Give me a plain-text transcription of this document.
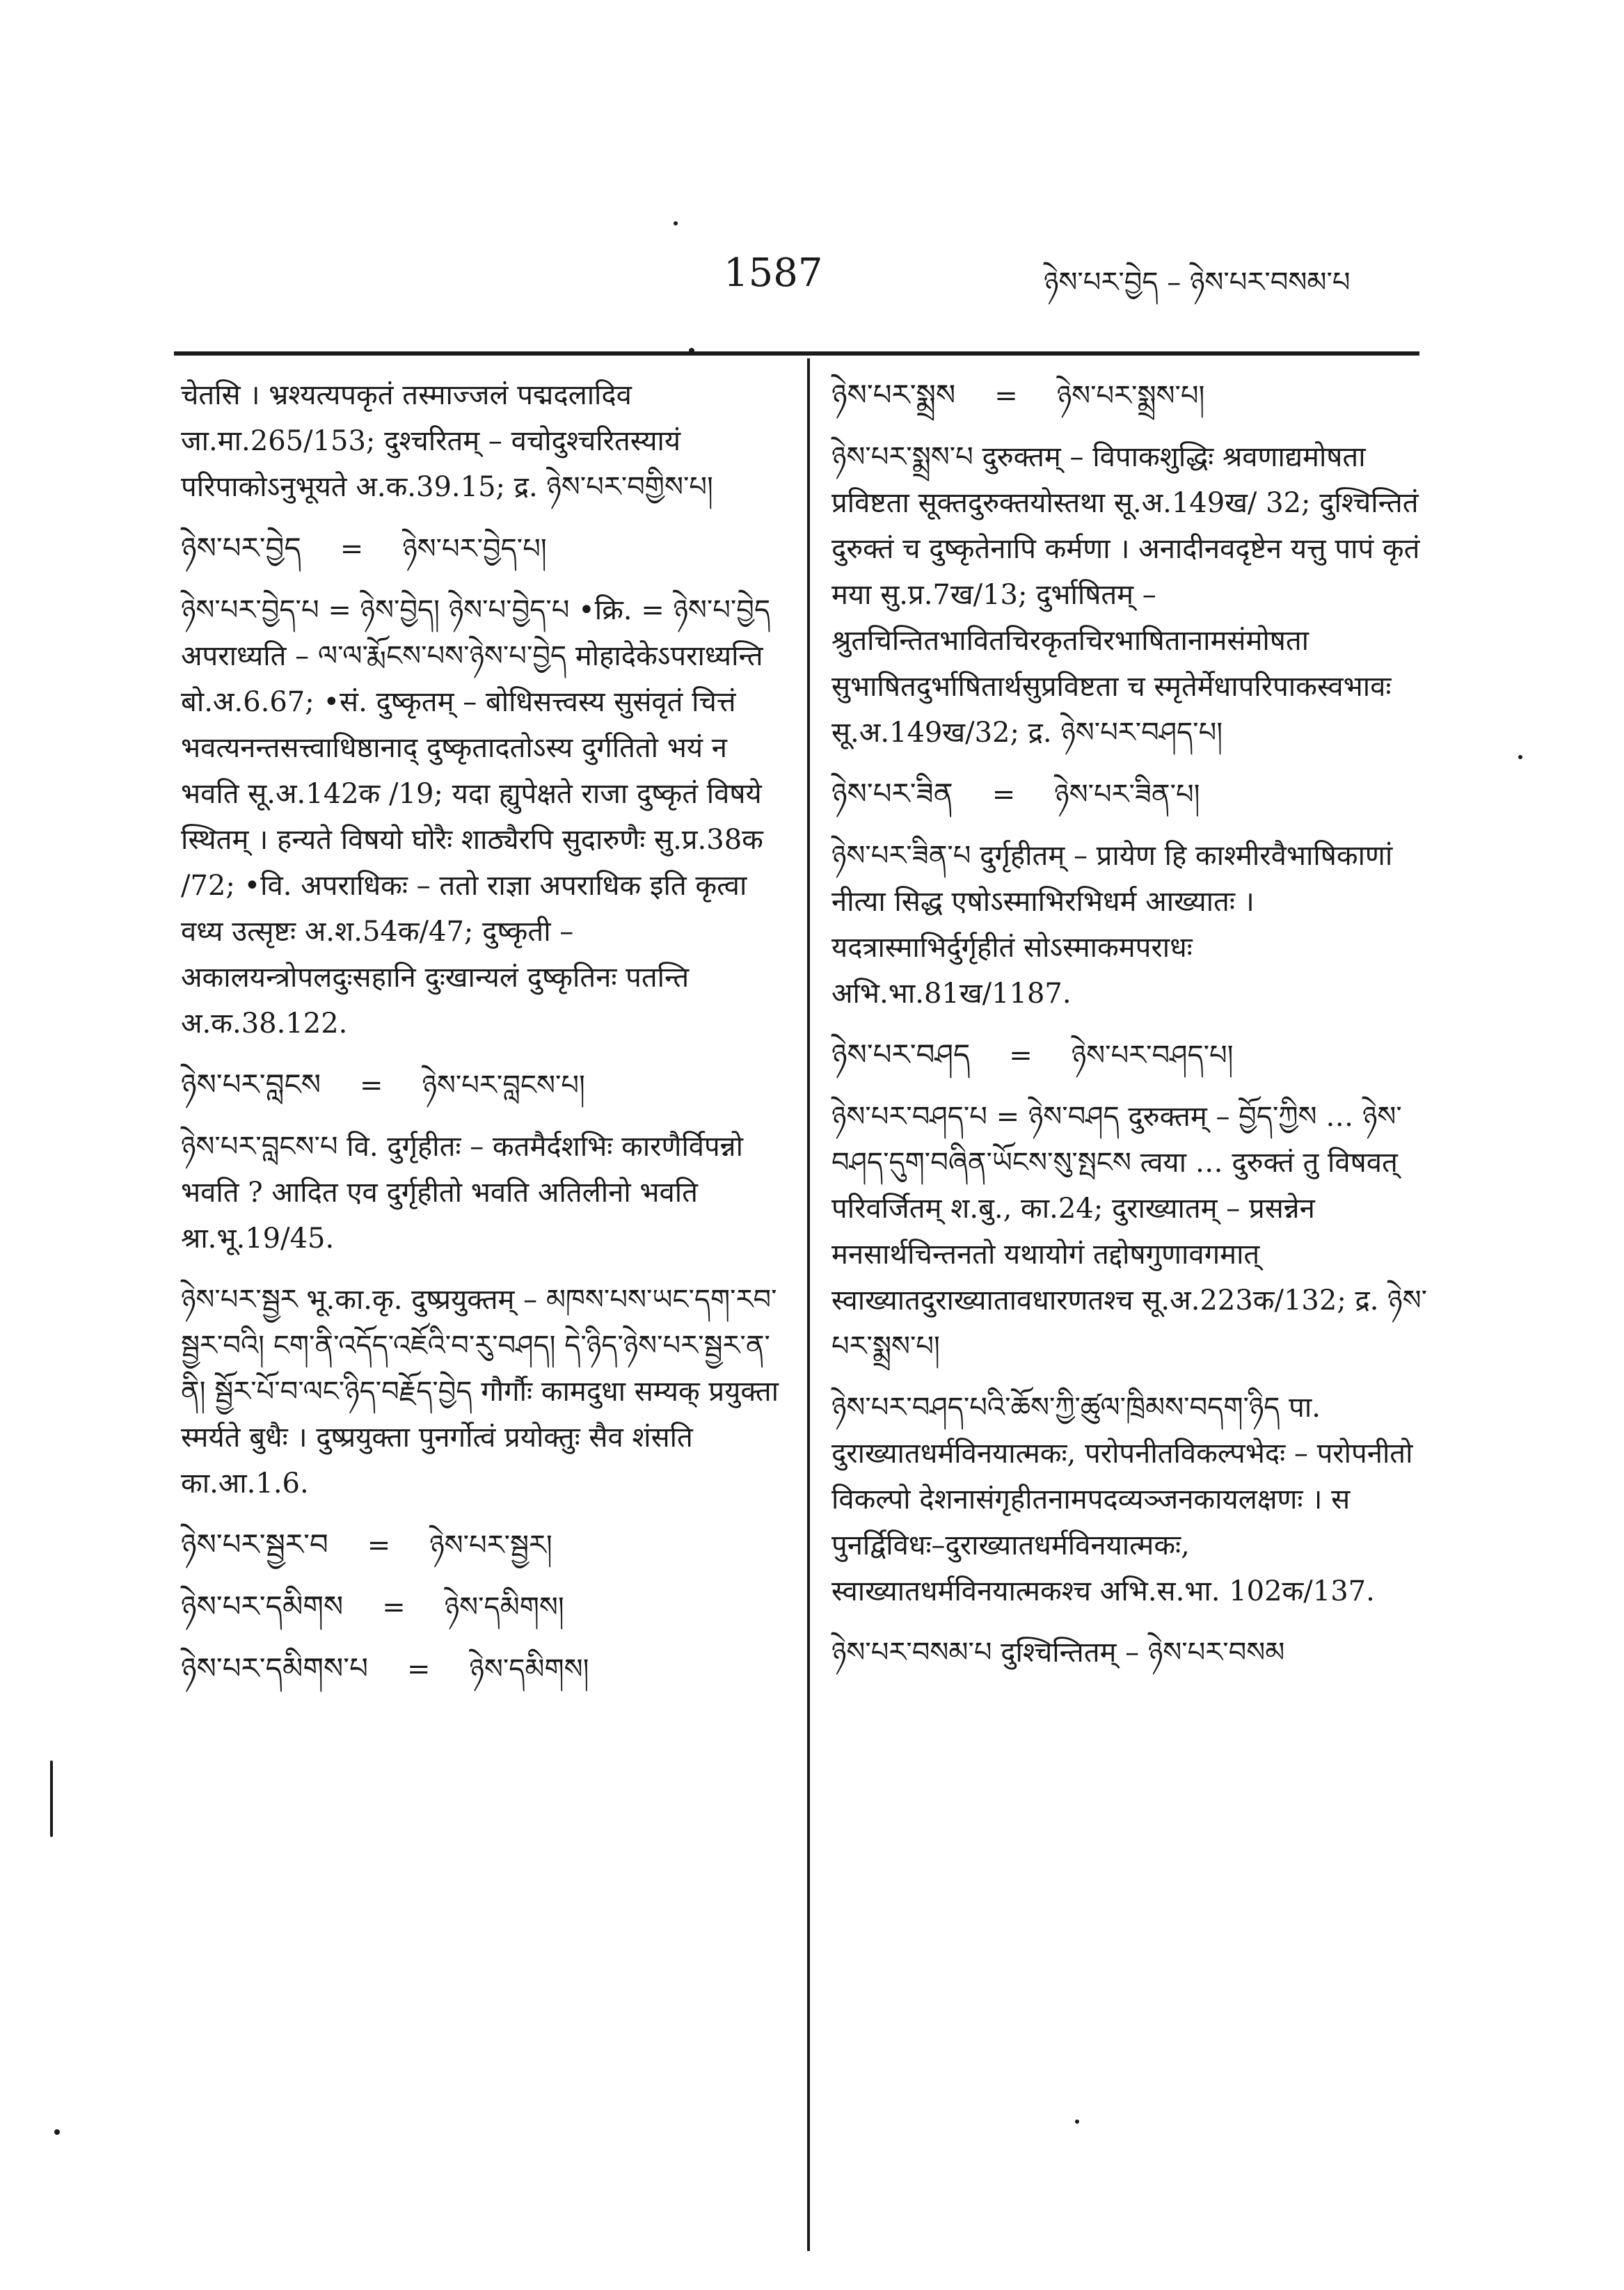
1587	ཉེས་པར་བྱེད – ཉེས་པར་བསམ་པ

चेतसि । भ्रश्यत्यपकृतं तस्माज्जलं पद्मदलादिव जा.मा.265/153; दुश्चरितम् – वचोदुश्चरितस्यायं परिपाकोऽनुभूयते अ.क.39.15; द्र. ཉེས་པར་བགྱིས་པ།

ཉེས་པར་བྱེད = ཉེས་པར་བྱེད་པ།

ཉེས་པར་བྱེད་པ = ཉེས་བྱེད། ཉེས་པ་བྱེད་པ •क्रि. = ཉེས་པ་བྱེད अपराध्यति – ལ་ལ་རྨོངས་པས་ཉེས་པ་བྱེད मोहादेकेऽपराध्यन्ति बो.अ.6.67; •सं. दुष्कृतम् – बोधिसत्त्वस्य सुसंवृतं चित्तं भवत्यनन्तसत्त्वाधिष्ठानाद् दुष्कृतादतोऽस्य दुर्गतितो भयं न भवति सू.अ.142क /19; यदा ह्युपेक्षते राजा दुष्कृतं विषये स्थितम् । हन्यते विषयो घोरैः शाठ्यैरपि सुदारुणैः सु.प्र.38क /72; •वि. अपराधिकः – ततो राज्ञा अपराधिक इति कृत्वा वध्य उत्सृष्टः अ.श.54क/47; दुष्कृती – अकालयन्त्रोपलदुःसहानि दुःखान्यलं दुष्कृतिनः पतन्ति अ.क.38.122.

ཉེས་པར་བླངས = ཉེས་པར་བླངས་པ།

ཉེས་པར་བླངས་པ वि. दुर्गृहीतः – कतमैर्दशभिः कारणैर्विपन्नो भवति ? आदित एव दुर्गृहीतो भवति अतिलीनो भवति श्रा.भू.19/45.

ཉེས་པར་སྦྱར भू.का.कृ. दुष्प्रयुक्तम् – མཁས་པས་ཡང་དག་རབ་སྦྱར་བའི། ངག་ནི་འདོད་འཇོའི་བ་རུ་བཤད། དེ་ཉིད་ཉེས་པར་སྦྱར་ན་ནི། སྦྱོར་པོ་བ་ལང་ཉིད་བརྗོད་བྱེད गौर्गौः कामदुधा सम्यक् प्रयुक्ता स्मर्यते बुधैः । दुष्प्रयुक्ता पुनर्गोत्वं प्रयोक्तुः सैव शंसति का.आ.1.6.

ཉེས་པར་སྦྱར་བ = ཉེས་པར་སྦྱར།
ཉེས་པར་དམིགས = ཉེས་དམིགས།
ཉེས་པར་དམིགས་པ = ཉེས་དམིགས།
ཉེས་པར་སྨྲས = ཉེས་པར་སྨྲས་པ།

ཉེས་པར་སྨྲས་པ दुरुक्तम् – विपाकशुद्धिः श्रवणाद्यमोषता प्रविष्टता सूक्तदुरुक्तयोस्तथा सू.अ.149ख/ 32; दुश्चिन्तितं दुरुक्तं च दुष्कृतेनापि कर्मणा । अनादीनवदृष्टेन यत्तु पापं कृतं मया सु.प्र.7ख/13; दुर्भाषितम् – श्रुतचिन्तितभावितचिरकृतचिरभाषितानामसंमोषता सुभाषितदुर्भाषितार्थसुप्रविष्टता च स्मृतेर्मेधापरिपाकस्वभावः सू.अ.149ख/32; द्र. ཉེས་པར་བཤད་པ།

ཉེས་པར་ཟིན = ཉེས་པར་ཟིན་པ།

ཉེས་པར་ཟིན་པ दुर्गृहीतम् – प्रायेण हि काश्मीरवैभाषिकाणां नीत्या सिद्ध एषोऽस्माभिरभिधर्म आख्यातः । यदत्रास्माभिर्दुर्गृहीतं सोऽस्माकमपराधः अभि.भा.81ख/1187.

ཉེས་པར་བཤད = ཉེས་པར་བཤད་པ།

ཉེས་པར་བཤད་པ = ཉེས་བཤད दुरुक्तम् – བྱོད་ཀྱིས … ཉེས་བཤད་དུག་བཞིན་ཡོངས་སུ་སྤངས त्वया … दुरुक्तं तु विषवत् परिवर्जितम् श.बु., का.24; दुराख्यातम् – प्रसन्नेन मनसार्थचिन्तनतो यथायोगं तद्दोषगुणावगमात् स्वाख्यातदुराख्यातावधारणतश्च सू.अ.223क/132; द्र. ཉེས་པར་སྨྲས་པ།

ཉེས་པར་བཤད་པའི་ཆོས་ཀྱི་ཚུལ་ཁྲིམས་བདག་ཉིད पा. दुराख्यातधर्मविनयात्मकः, परोपनीतविकल्पभेदः – परोपनीतो विकल्पो देशनासंगृहीतनामपदव्यञ्जनकायलक्षणः । स पुनर्द्विविधः–दुराख्यातधर्मविनयात्मकः, स्वाख्यातधर्मविनयात्मकश्च अभि.स.भा. 102क/137.

ཉེས་པར་བསམ་པ दुश्चिन्तितम् – ཉེས་པར་བསམ
